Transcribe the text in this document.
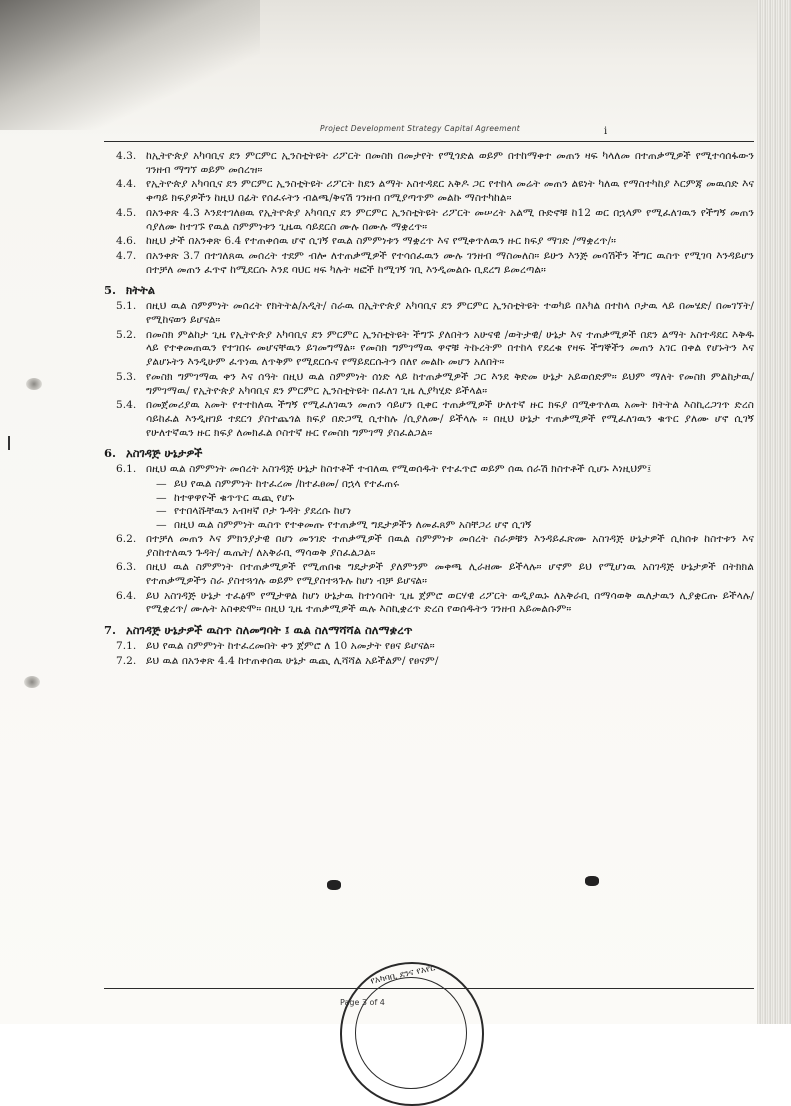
i
Project Development Strategy Capital Agreement
4.3. ከኢትዮጵያ አካባቢና ደን ምርምር ኢንስቲትዩት ሪፖርት በመስክ በመታየት የሚጎድል ወይም በተከማቀተ መጠን ዛፍ ካላለመ በተጠቃሚዎች የሚተሳሰፋውን ገንዘብ ማግኘ ወይም መሰረዝ።
4.4. የኢትዮጵያ አካባቢና ደን ምርምር ኢንስቲትዩት ሪፖርት ከደን ልማት አስተዳደር አቅዶ ጋር የተከላ መሬት መጠን ልዩነት ካለዉ የማስተካከያ እርምጃ መዉሰድ እና ቀጣይ ክፍያዎችን ከዚህ በፊት የሰፈሩትን ብልጫ/ቅናሽ ገንዘብ በሚያጣጥም መልኩ ማስተካከል።
4.5. በአንቀጽ 4.3 እንደተገለፀዉ የኢትዮጵያ አካባቢና ደን ምርምር ኢንስቲትዩት ሪፖርት መሠረት አልሚ ቡድኖቹ ከ12 ወር በኋላም የሚፈለገዉን የችግኝ መጠን ሳያለሙ ከተገኙ የዉል ስምምነቱን ጊዜዉ ሳይደርስ ሙሉ በሙሉ ማቋረጥ።
4.6. ከዚህ ታች በአንቀጽ 6.4 የተጠቀሰዉ ሆኖ ሲገኝ የዉል ስምምነቱን ማቋረጥ እና የሚቀጥለዉን ዙር ክፍያ ማገድ /ማቋረጥ/።
4.7. በአንቀጽ 3.7 በተገለጸዉ መሰረት ተደም ብሎ ለተጠቃሚዎች የተሳሰፈዉን ሙሉ ገንዘብ ማስመለስ። ይሁን እንጅ መሳሽችን ችግር ዉስጥ የሚገባ እንዳይሆን በተቻለ መጠን ፈጥኖ ከሚደርሱ እንደ ባህር ዛፍ ካሉት ዛፎች ከሚገኝ ገቢ እንዲመልሱ ቢደረግ ይመረጣል።
5. ክትትል
5.1. በዚህ ዉል ስምምነት መሰረት የክትትል/አዲት/ ስራዉ በኢትዮጵያ አካባቢና ደን ምርምር ኢንስቲትዩት ተወካይ በአካል በተከላ ቦታዉ ላይ በመሄድ/ በመገኘት/ የሚከናወን ይሆናል።
5.2. በመስክ ምልከታ ጊዜ የኢትዮጵያ አካባቢና ደን ምርምር ኢንስቲትዩት ችግኙ ያለበትን አሁናዊ /ወትታዊ/ ሁኔታ እና ተጠቃሚዎች በደን ልማት አስተዳደር እቅዱ ላይ የተቀመጠዉን የተገበሩ መሆናቸዉን ይገመግማል። የመስክ ግምገማዉ ዋኖቹ ትኩረትም በተከላ የደረቁ የዛፍ ችግኞችን መጠን አገር በቀል የሆኑትን እና ያልሆኑትን እንዲሁም ፈጥነዉ ለጥቅም የሚደርሱና የማይደርሱትን በለየ መልኩ መሆን አለበት።
5.3. የመስክ ግምገማዉ ቀን እና ሰዓት በዚህ ዉል ስምምነት ሰነድ ላይ ከተጠቃሚዎች ጋር እንደ ቅድመ ሁኔታ አይወሰድም። ይህም ማለት የመስክ ምልከታዉ/ ግምገማዉ/ የኢትዮጵያ አካባቢና ደን ምርምር ኢንስቲትዩት በፈለገ ጊዜ ሊያካሂድ ይችላል።
5.4. በመጀመሪያዉ አመት የተተከለዉ ችግኝ የሚፈለገዉን መጠን ሳይሆን ቢቀር ተጠቃሚዎች ሁለተኛ ዙር ክፍያ በሚቀጥለዉ አመት ክትትል እስኪረጋገጥ ድረስ ሳይከፈል እንዲዘገይ ተደርጎ ያስተጨጎል ክፍያ በድጋሚ ሲተከሉ /ሲያለሙ/ ይችላሉ ። በዚህ ሁኔታ ተጠቃሚዎች የሚፈለገዉን ቁጥር ያለሙ ሆኖ ሲገኝ የሁለተኛዉን ዙር ክፍያ ለመክፈል ሶስተኛ ዙር የመስክ ግምገማ ያስፈልጋል።
6. አስገዳጅ ሁኔታዎች
6.1. በዚህ ዉል ስምምነት መሰረት አስገዳጅ ሁኔታ ከስተቶች ተብለዉ የሚወሰዱት የተፈጥሮ ወይም ሰዉ ሰራሽ ክስተቶች ሲሆኑ እነዚህም፤
— ይህ የዉል ስምምነት ከተፈረመ /ከተፈፀመ/ በኋላ የተፈጠሩ
— ከተዋዋዮች ቁጥጥር ዉጪ የሆኑ
— የተበላሹቸዉን አብዛኛ ቦታ ጉዳት ያደረሱ ከሆነ
— በዚህ ዉል ስምምነት ዉስጥ የተቀመጡ የተጠቃሚ ግዴታዎችን ለመፈጸም አስቸጋሪ ሆኖ ሲገኝ
6.2. በተቻለ መጠን እና ምክንያታዊ በሆነ መንገድ ተጠቃሚዎች በዉል ስምምነቱ መሰረት ስራዎቹን እንዳይፈጽሙ አስገዳጅ ሁኔታዎች ሲከሰቱ ከስተቱን እና ያስከተለዉን ጉዳት/ ዉጤት/ ለአቅራቢ ማሳወቅ ያስፈልጋል።
6.3. በዚህ ዉል ስምምነት በተጠቃሚዎች የሚጠበቁ ግዴታዎች ያለምንም መቀጫ ሊራዘሙ ይችላሉ። ሆኖም ይህ የሚሆነዉ አስገዳጅ ሁኔታዎች በትክክል የተጠቃሚዎችን ስራ ያስተጓጎሉ ወይም የሚያስተጓጉሉ ከሆነ ብቻ ይሆናል።
6.4. ይህ አስገዳጅ ሁኔታ ተፈፅሞ የሚታዋል ከሆነ ሁኔታዉ ከተነሳበት ጊዜ ጀምሮ ወርሃዊ ሪፖርት ወዲያዉኑ ለአቅራቢ በማሳወቅ ዉለታዉን ሊያቋርጡ ይችላሉ/ የሚቋረጥ/ ሙሉት አስቀድሞ። በዚህ ጊዜ ተጠቃሚዎች ዉሉ እስኪቋረጥ ድረስ የወሰዱትን ገንዘብ አይመልሱም።
7. አስገዳጅ ሁኔታዎች ዉስጥ ስለመግባት ፤ ዉል ስለማሻሻል ስለማቋረጥ
7.1. ይህ የዉል ስምምነት ከተፈረመበት ቀን ጀምሮ ለ 10 አመታት የፀና ይሆናል።
7.2. ይህ ዉል በአንቀጽ 4.4 ከተጠቀሰዉ ሁኔታ ዉጪ ሊሻሻል አይችልም/ የፀናም/
Page 3 of 4
የአካባቢ ደንና የአየር
